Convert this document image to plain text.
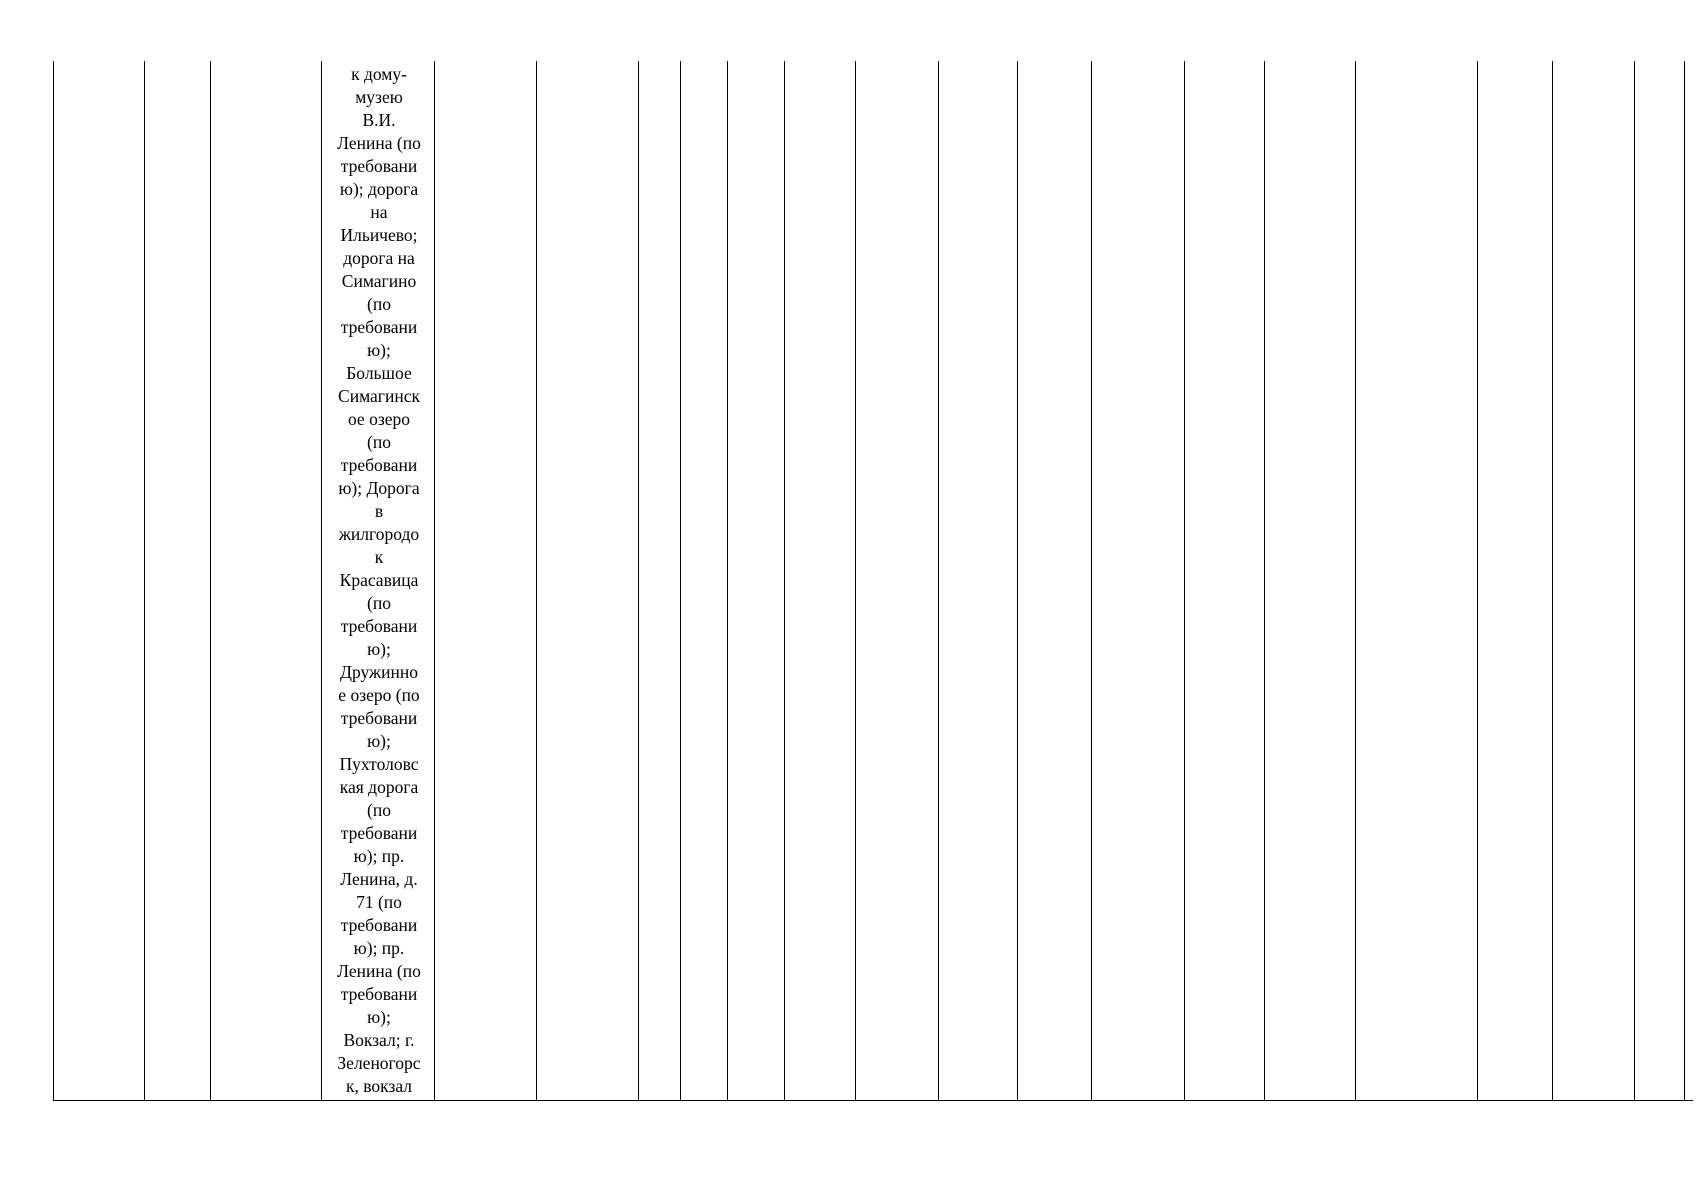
к дому-
музею
В.И.
Ленина (по
требовани
ю); дорога
на
Ильичево;
дорога на
Симагино
(по
требовани
ю);
Большое
Симагинск
ое озеро
(по
требовани
ю); Дорога
в
жилгородо
к
Красавица
(по
требовани
ю);
Дружинно
е озеро (по
требовани
ю);
Пухтоловс
кая дорога
(по
требовани
ю); пр.
Ленина, д.
71 (по
требовани
ю); пр.
Ленина (по
требовани
ю);
Вокзал; г.
Зеленогорс
к, вокзал
